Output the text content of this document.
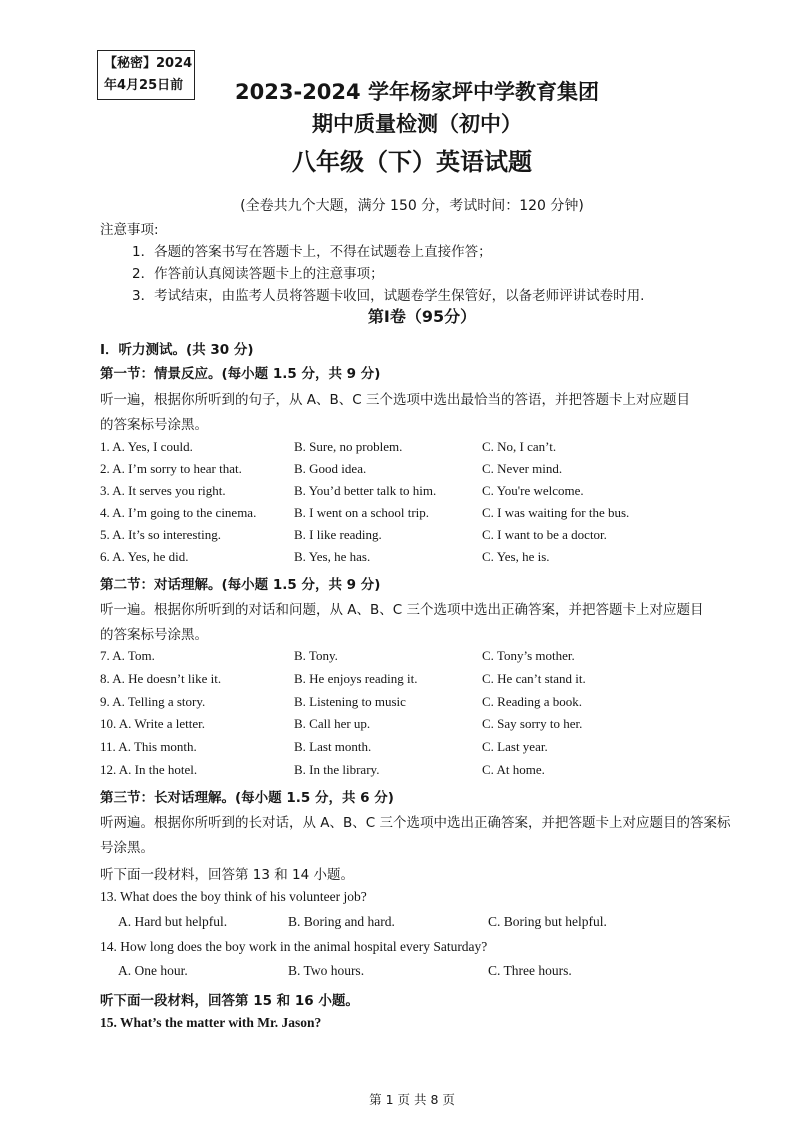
【秘密】2024
年4月25日前	2023-2024 学年杨家坪中学教育集团
期中质量检测（初中）
八年级（下）英语试题
(全卷共九个大题，满分 150 分，考试时间：120 分钟)
注意事项:
1．各题的答案书写在答题卡上，不得在试题卷上直接作答；
2．作答前认真阅读答题卡上的注意事项；
3．考试结束，由监考人员将答题卡收回，试题卷学生保管好，以备老师评讲试卷时用.
第I卷（95分）
I．听力测试。(共 30 分)
第一节：情景反应。(每小题 1.5 分，共 9 分)
听一遍，根据你所听到的句子，从 A、B、C 三个选项中选出最恰当的答语，并把答题卡上对应题目
的答案标号涂黑。
1. A. Yes, I could.	B. Sure, no problem.	C. No, I can’t.
2. A. I’m sorry to hear that.	B. Good idea.	C. Never mind.
3. A. It serves you right.	B. You’d better talk to him.	C. You're welcome.
4. A. I’m going to the cinema.	B. I went on a school trip.	C. I was waiting for the bus.
5. A. It’s so interesting.	B. I like reading.	C. I want to be a doctor.
6. A. Yes, he did.	B. Yes, he has.	C. Yes, he is.
第二节：对话理解。(每小题 1.5 分，共 9 分)
听一遍。根据你所听到的对话和问题，从 A、B、C 三个选项中选出正确答案，并把答题卡上对应题目
的答案标号涂黑。
7. A. Tom.	B. Tony.	C. Tony’s mother.
8. A. He doesn’t like it.	B. He enjoys reading it.	C. He can’t stand it.
9. A. Telling a story.	B. Listening to music	C. Reading a book.
10. A. Write a letter.	B. Call her up.	C. Say sorry to her.
11. A. This month.	B. Last month.	C. Last year.
12. A. In the hotel.	B. In the library.	C. At home.
第三节：长对话理解。(每小题 1.5 分，共 6 分)
听两遍。根据你所听到的长对话，从 A、B、C 三个选项中选出正确答案，并把答题卡上对应题目的答案标
号涂黑。
听下面一段材料，回答第 13 和 14 小题。
13. What does the boy think of his volunteer job?
A. Hard but helpful.	B. Boring and hard.	C. Boring but helpful.
14. How long does the boy work in the animal hospital every Saturday?
A. One hour.	B. Two hours.	C. Three hours.
听下面一段材料，回答第 15 和 16 小题。
15. What’s the matter with Mr. Jason?
第 1 页 共 8 页
